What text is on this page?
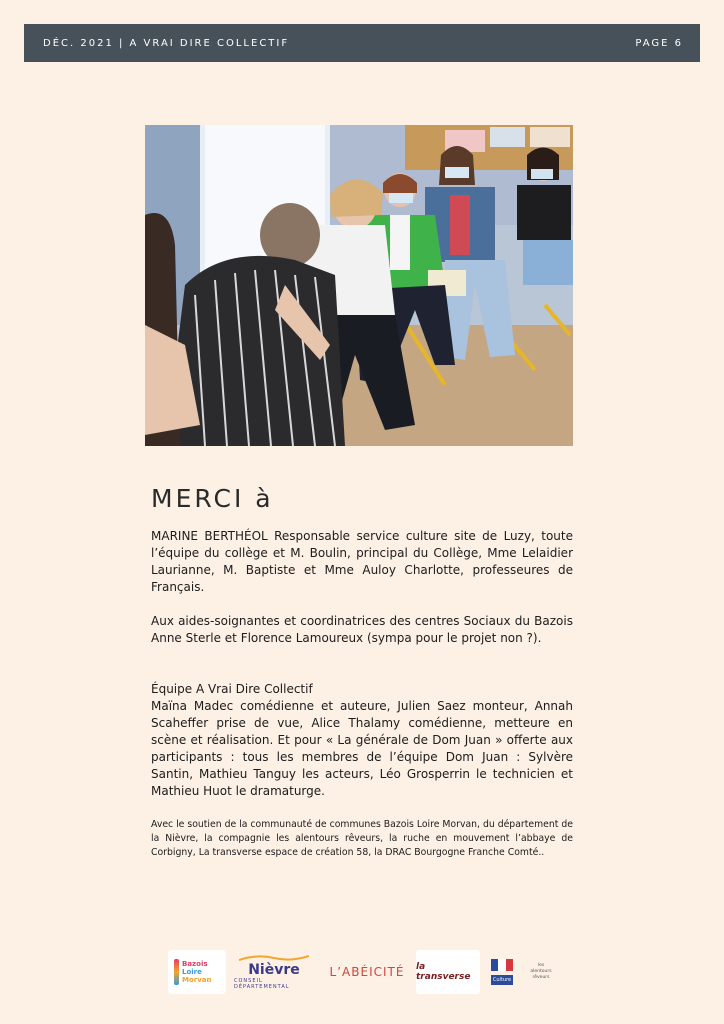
DÉC. 2021 | A VRAI DIRE COLLECTIF	PAGE 6
MERCI à

MARINE BERTHÉOL Responsable service culture site de Luzy, toute l’équipe du collège et M. Boulin, principal du Collège, Mme Lelaidier Laurianne, M. Baptiste et Mme Auloy Charlotte, professeures de Français.

Aux aides-soignantes et coordinatrices des centres Sociaux du Bazois Anne Sterle et Florence Lamoureux (sympa pour le projet non ?).

Équipe A Vrai Dire Collectif

Maïna Madec comédienne et auteure, Julien Saez monteur, Annah Scaheffer prise de vue, Alice Thalamy comédienne, metteure en scène et réalisation. Et pour « La générale de Dom Juan » offerte aux participants : tous les membres de l’équipe Dom Juan : Sylvère Santin, Mathieu Tanguy les acteurs, Léo Grosperrin le technicien et Mathieu Huot le dramaturge.

Avec le soutien de la communauté de communes Bazois Loire Morvan, du département de la Nièvre, la compagnie les alentours rêveurs, la ruche en mouvement l’abbaye de Corbigny, La transverse espace de création 58, la DRAC Bourgogne Franche Comté..

Bazois
Loire
Morvan
Nièvre
CONSEIL DÉPARTEMENTAL
L’ABÉICITÉ la transverse	Culture
les alentours rêveurs
